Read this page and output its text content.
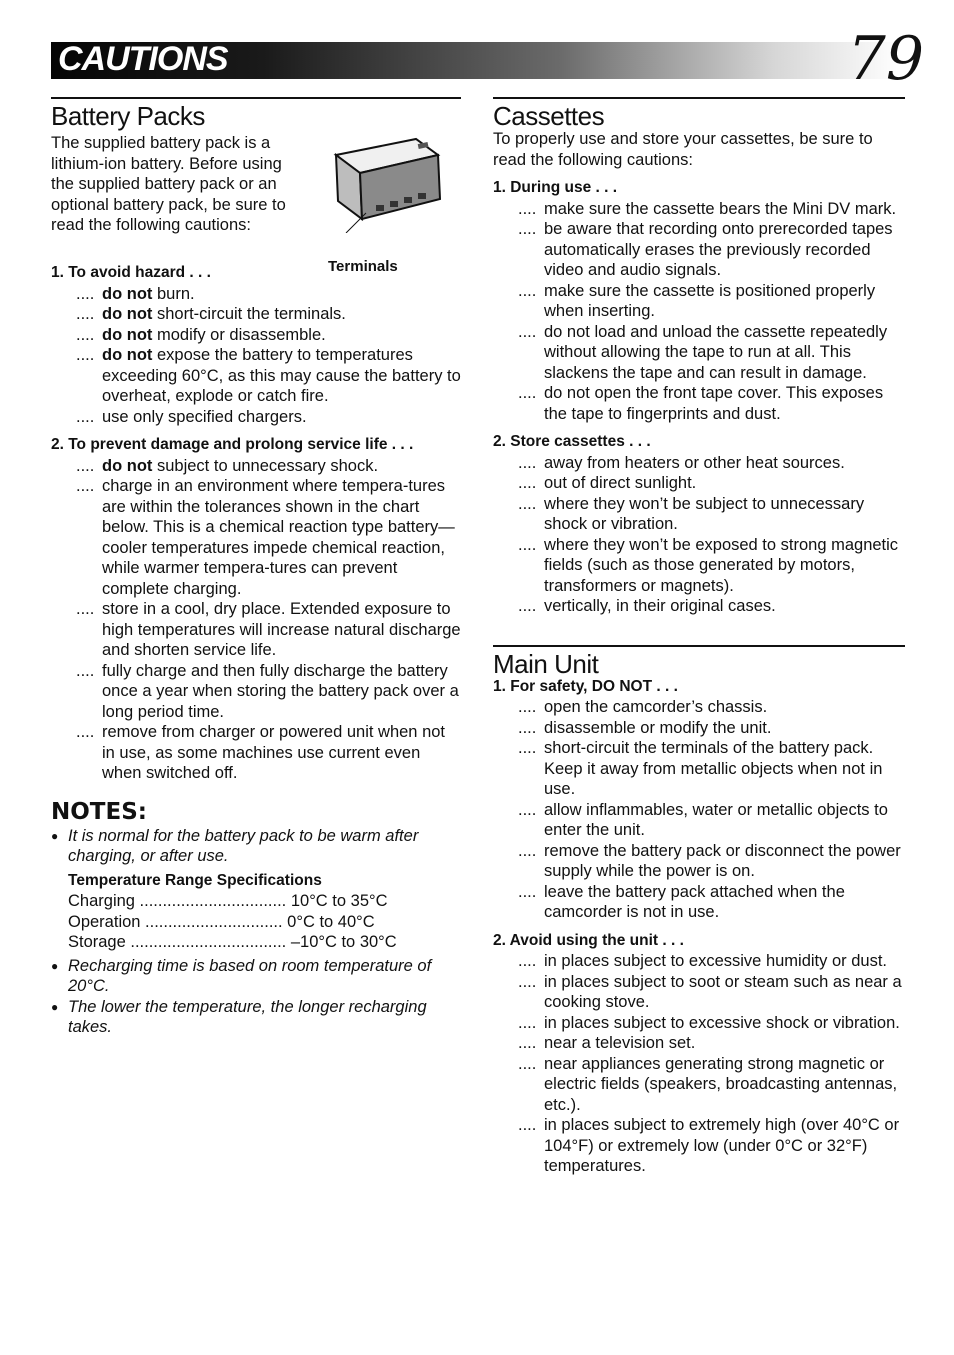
CAUTIONS	79
Battery Packs

The supplied battery pack is a lithium-ion battery. Before using the supplied battery pack or an optional battery pack, be sure to read the following cautions:

Terminals
1. To avoid hazard . . .
.... do not burn.
.... do not short-circuit the terminals.
.... do not modify or disassemble.
.... do not expose the battery to temperatures exceeding 60°C, as this may cause the battery to overheat, explode or catch fire.
.... use only specified chargers.
2. To prevent damage and prolong service life . . .
.... do not subject to unnecessary shock.
.... charge in an environment where tempera-tures are within the tolerances shown in the chart below. This is a chemical reaction type battery—cooler temperatures impede chemical reaction, while warmer tempera-tures can prevent complete charging.
.... store in a cool, dry place. Extended exposure to high temperatures will increase natural discharge and shorten service life.
.... fully charge and then fully discharge the battery once a year when storing the battery pack over a long period time.
.... remove from charger or powered unit when not in use, as some machines use current even when switched off.
NOTES:
● It is normal for the battery pack to be warm after charging, or after use.
Temperature Range Specifications
Charging ................................ 10°C to 35°C
Operation .............................. 0°C to 40°C
Storage .................................. –10°C to 30°C
● Recharging time is based on room temperature of 20°C.
● The lower the temperature, the longer recharging takes.
Cassettes

To properly use and store your cassettes, be sure to read the following cautions:

1. During use . . .
.... make sure the cassette bears the Mini DV mark.
.... be aware that recording onto prerecorded tapes automatically erases the previously recorded video and audio signals.
.... make sure the cassette is positioned properly when inserting.
.... do not load and unload the cassette repeatedly without allowing the tape to run at all. This slackens the tape and can result in damage.
.... do not open the front tape cover. This exposes the tape to fingerprints and dust.
2. Store cassettes . . .
.... away from heaters or other heat sources.
.... out of direct sunlight.
.... where they won’t be subject to unnecessary shock or vibration.
.... where they won’t be exposed to strong magnetic fields (such as those generated by motors, transformers or magnets).
.... vertically, in their original cases.
Main Unit
1. For safety, DO NOT . . .
.... open the camcorder’s chassis.
.... disassemble or modify the unit.
.... short-circuit the terminals of the battery pack. Keep it away from metallic objects when not in use.
.... allow inflammables, water or metallic objects to enter the unit.
.... remove the battery pack or disconnect the power supply while the power is on.
.... leave the battery pack attached when the camcorder is not in use.
2. Avoid using the unit . . .
.... in places subject to excessive humidity or dust.
.... in places subject to soot or steam such as near a cooking stove.
.... in places subject to excessive shock or vibration.
.... near a television set.
.... near appliances generating strong magnetic or electric fields (speakers, broadcasting antennas, etc.).
.... in places subject to extremely high (over 40°C or 104°F) or extremely low (under 0°C or 32°F) temperatures.
